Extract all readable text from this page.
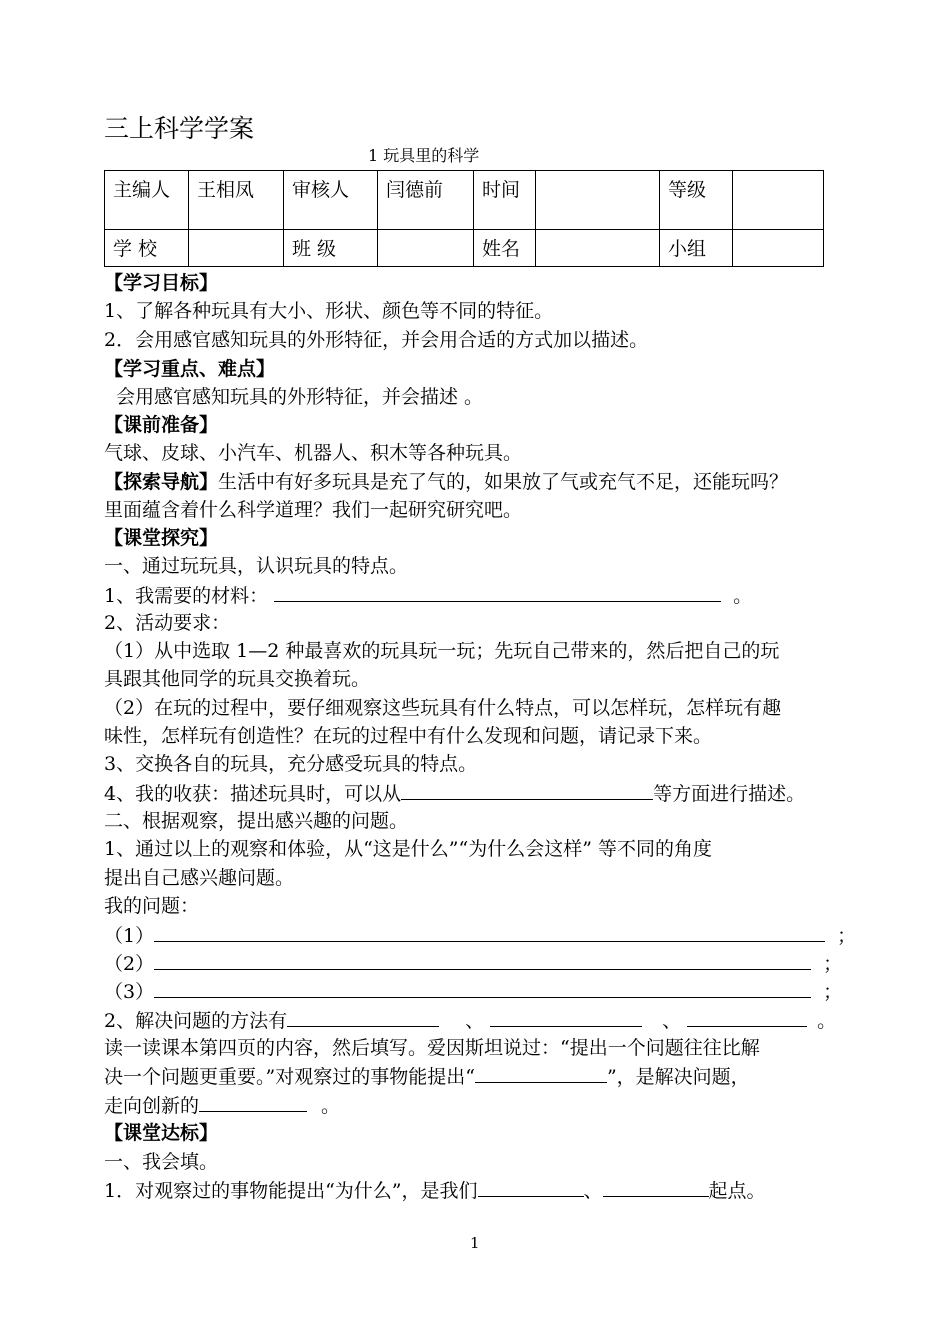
三上科学学案
1 玩具里的科学
主编人	王相凤	审核人	闫德前	时间		等级	
学 校		班 级		姓名		小组	
【学习目标】
1、了解各种玩具有大小、形状、颜色等不同的特征。
2．会用感官感知玩具的外形特征，并会用合适的方式加以描述。
【学习重点、难点】
会用感官感知玩具的外形特征，并会描述 。
【课前准备】
气球、皮球、小汽车、机器人、积木等各种玩具。
【探索导航】生活中有好多玩具是充了气的，如果放了气或充气不足，还能玩吗？
里面蕴含着什么科学道理？我们一起研究研究吧。
【课堂探究】
一、通过玩玩具，认识玩具的特点。
1、我需要的材料：	。
2、活动要求：
（1）从中选取 1—2 种最喜欢的玩具玩一玩；先玩自己带来的，然后把自己的玩
具跟其他同学的玩具交换着玩。
（2）在玩的过程中，要仔细观察这些玩具有什么特点，可以怎样玩，怎样玩有趣
味性，怎样玩有创造性？在玩的过程中有什么发现和问题，请记录下来。
3、交换各自的玩具，充分感受玩具的特点。
4、我的收获：描述玩具时，可以从	等方面进行描述。
二、根据观察，提出感兴趣的问题。
1、通过以上的观察和体验，从“这是什么”“为什么会这样” 等不同的角度
提出自己感兴趣问题。
我的问题：
（1）	；
（2）	；
（3）	；
2、解决问题的方法有	、	、	。
读一读课本第四页的内容，然后填写。爱因斯坦说过：“提出一个问题往往比解
决一个问题更重要。”对观察过的事物能提出“	”，是解决问题，
走向创新的	。
【课堂达标】
一、我会填。
1．对观察过的事物能提出“为什么”，是我们	、	起点。
1
